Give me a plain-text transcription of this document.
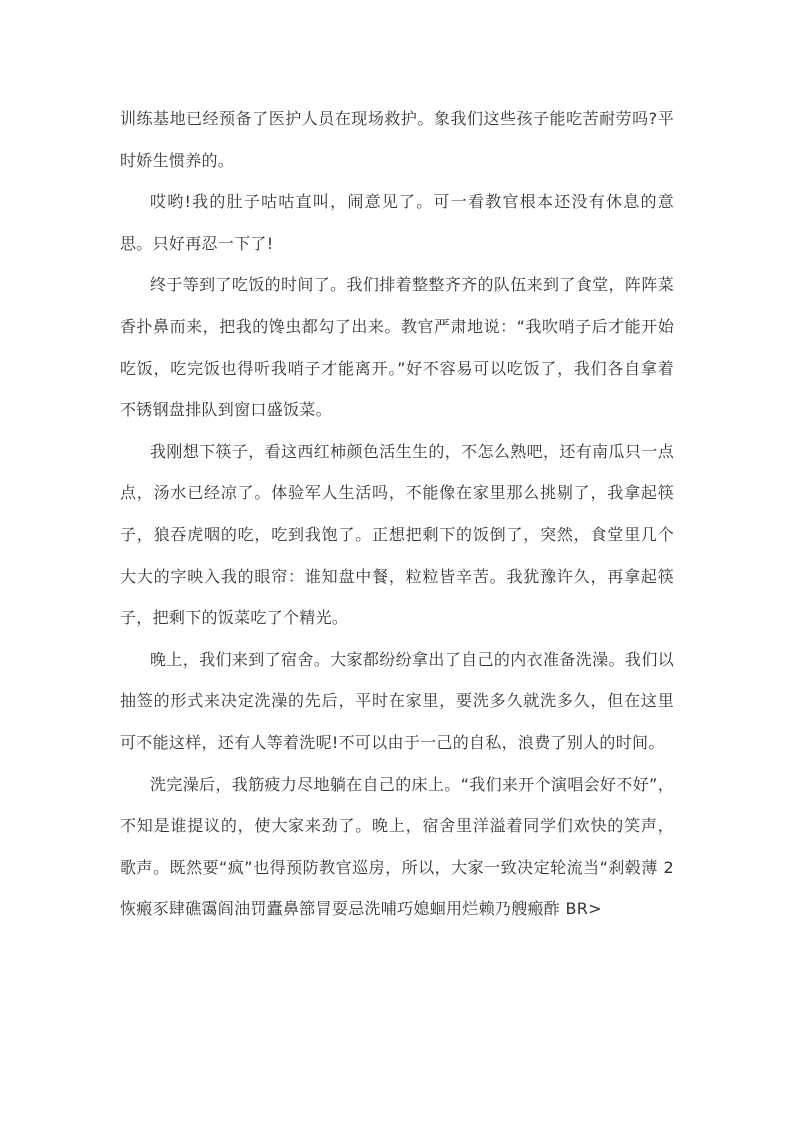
训练基地已经预备了医护人员在现场救护。象我们这些孩子能吃苦耐劳吗?平时娇生惯养的。

哎哟!我的肚子咕咕直叫，闹意见了。可一看教官根本还没有休息的意思。只好再忍一下了!

终于等到了吃饭的时间了。我们排着整整齐齐的队伍来到了食堂，阵阵菜香扑鼻而来，把我的馋虫都勾了出来。教官严肃地说：“我吹哨子后才能开始吃饭，吃完饭也得听我哨子才能离开。”好不容易可以吃饭了，我们各自拿着不锈钢盘排队到窗口盛饭菜。

我刚想下筷子，看这西红柿颜色活生生的，不怎么熟吧，还有南瓜只一点点，汤水已经凉了。体验军人生活吗，不能像在家里那么挑剔了，我拿起筷子，狼吞虎咽的吃，吃到我饱了。正想把剩下的饭倒了，突然，食堂里几个大大的字映入我的眼帘：谁知盘中餐，粒粒皆辛苦。我犹豫许久，再拿起筷子，把剩下的饭菜吃了个精光。

晚上，我们来到了宿舍。大家都纷纷拿出了自己的内衣准备洗澡。我们以抽签的形式来决定洗澡的先后，平时在家里，要洗多久就洗多久，但在这里可不能这样，还有人等着洗呢!不可以由于一己的自私，浪费了别人的时间。

洗完澡后，我筋疲力尽地躺在自己的床上。“我们来开个演唱会好不好”，不知是谁提议的，使大家来劲了。晚上，宿舍里洋溢着同学们欢快的笑声，歌声。既然要“疯”也得预防教官巡房，所以，大家一致决定轮流当“刹毂薄 2 恢瘢豕肆礁霭阎油罚蠹鼻篰冐耍忌洗哺巧媳蛔用烂赖乃艘瘢酢 BR>
